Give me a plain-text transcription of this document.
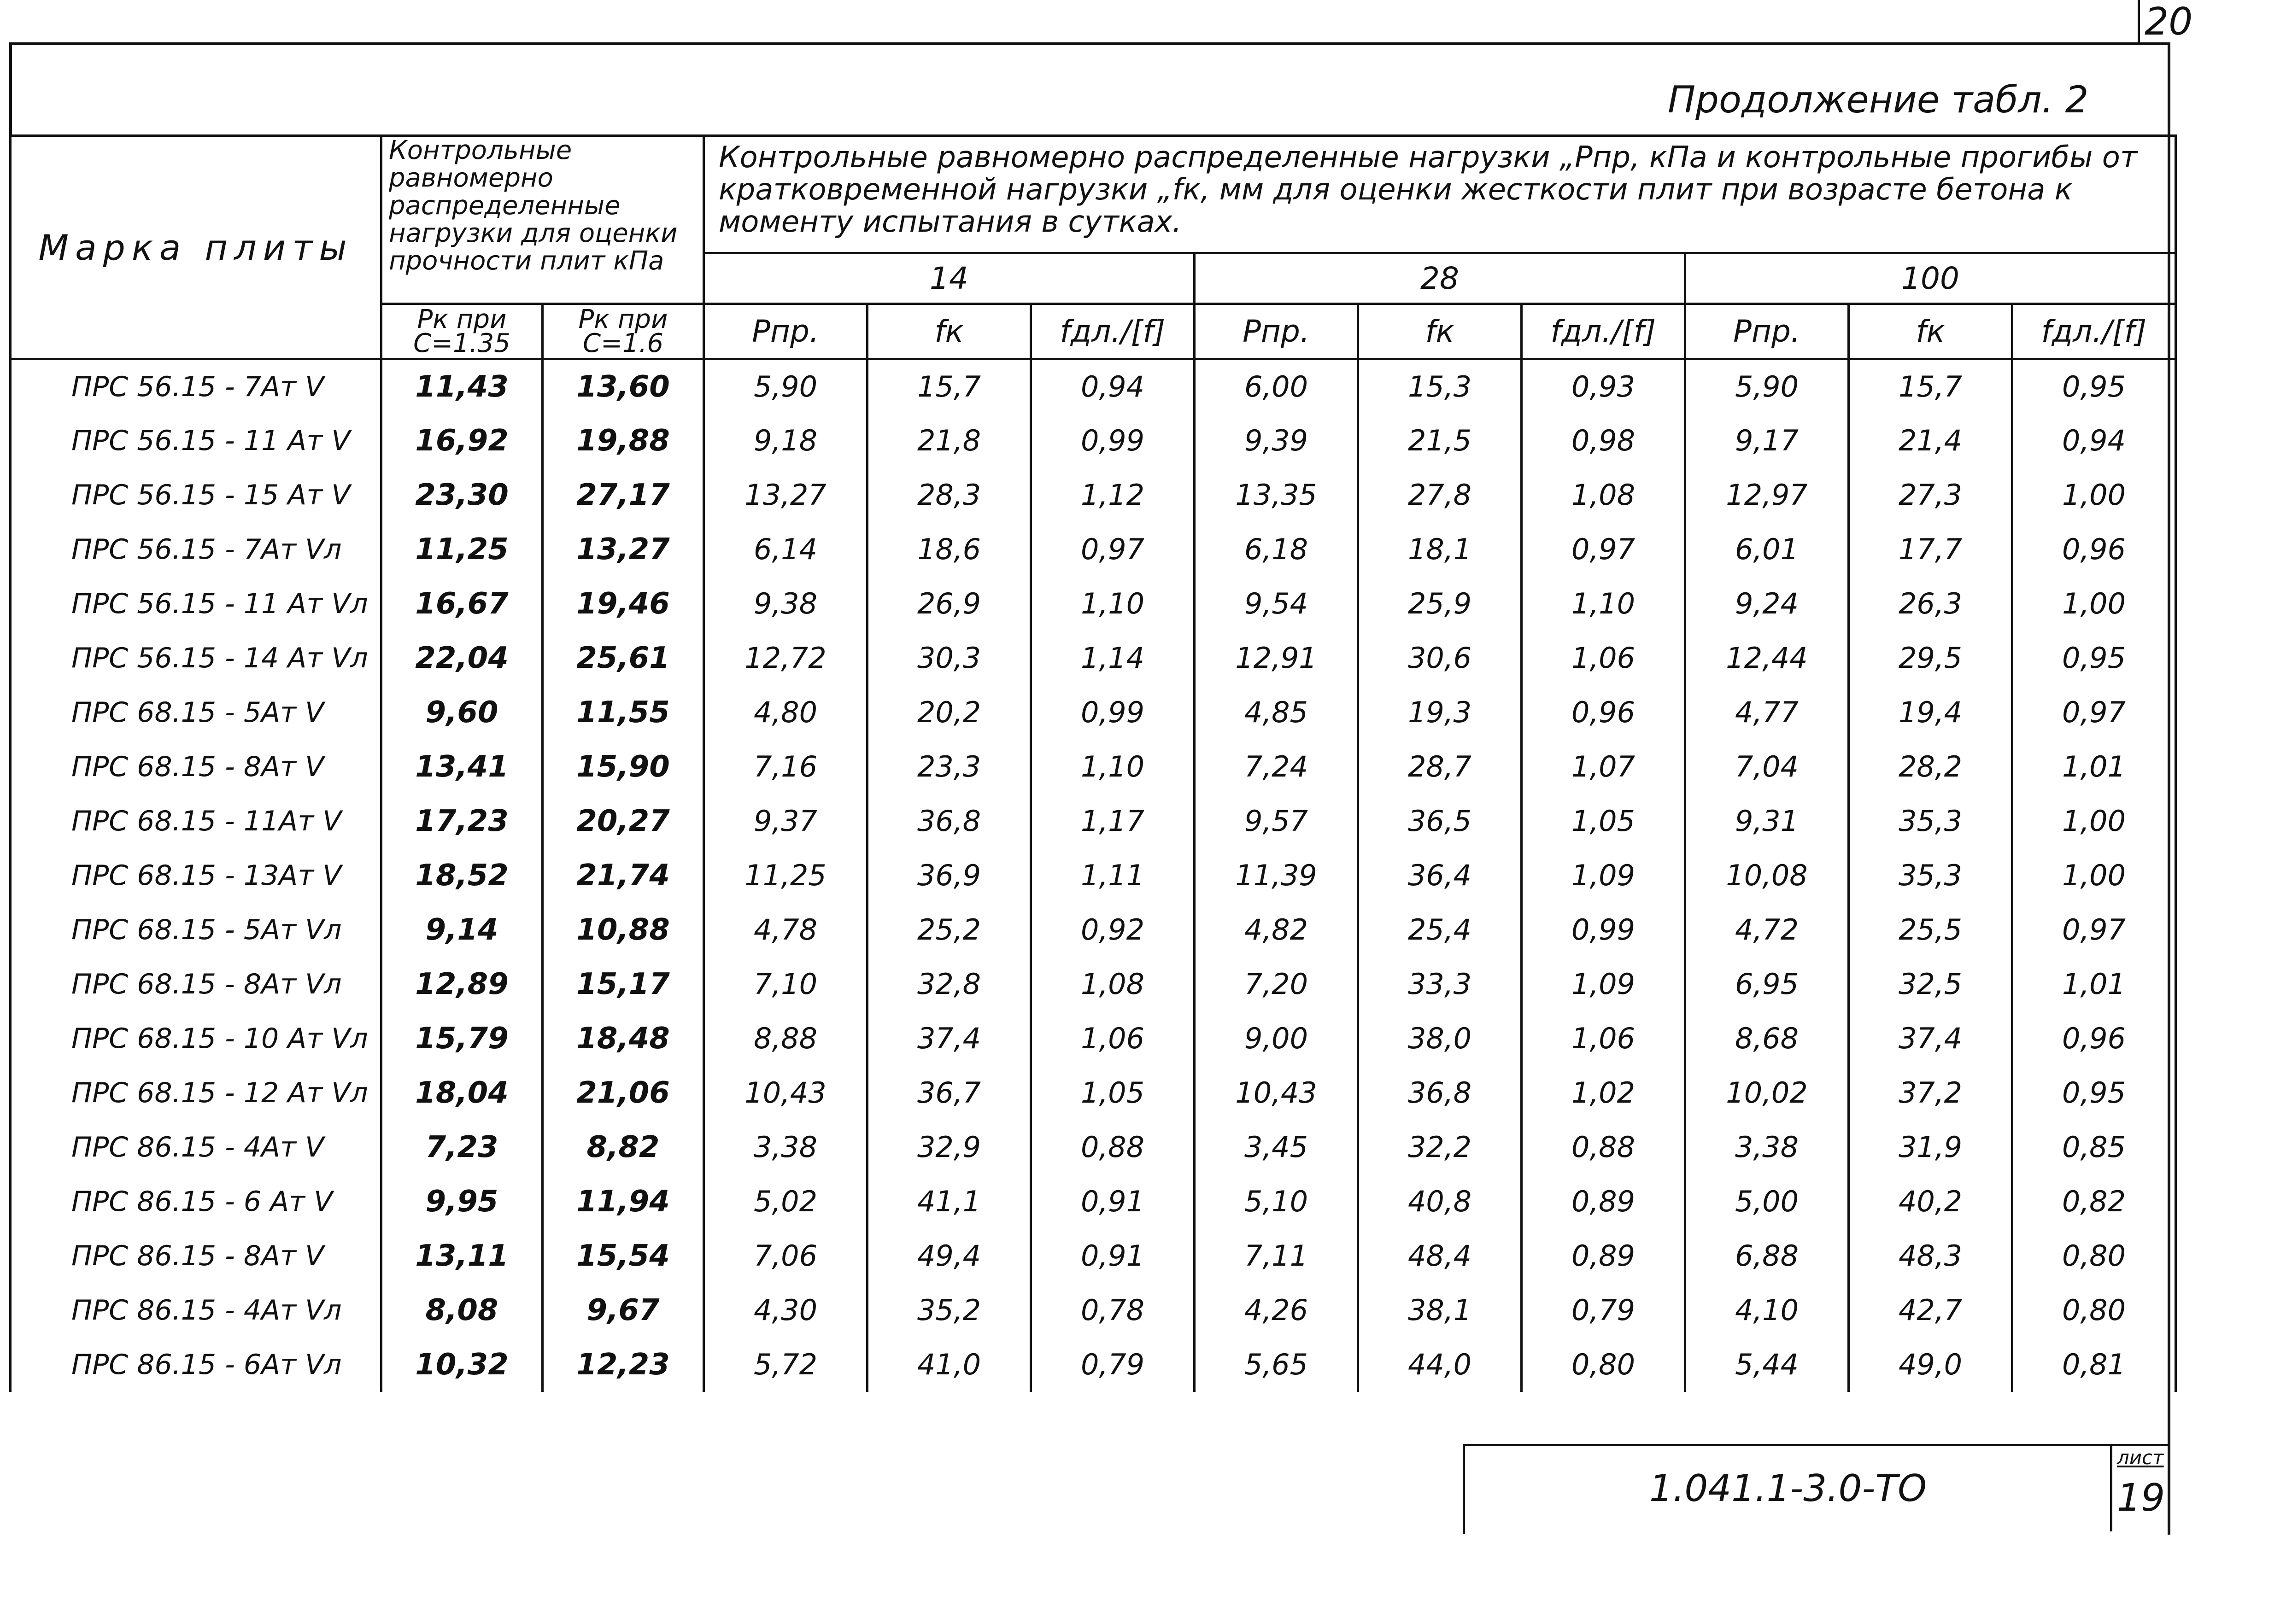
20
Продолжение табл. 2
Марка плиты	Контрольные равномерно распределенные нагрузки для оценки прочности плит кПа		Контрольные равномерно распределенные нагрузки „Рпр, кПа и контрольные прогибы от кратковременной нагрузки „fк, мм для оценки жесткости плит при возрасте бетона к моменту испытания в сутках.								
			14			28			100		
	Рк при С=1.35	Рк при С=1.6	Рпр.	fк	fдл./[f]	Рпр.	fк	fдл./[f]	Рпр.	fк	fдл./[f]
ПРС 56.15 - 7Ат V	11,43	13,60	5,90	15,7	0,94	6,00	15,3	0,93	5,90	15,7	0,95
ПРС 56.15 - 11 Ат V	16,92	19,88	9,18	21,8	0,99	9,39	21,5	0,98	9,17	21,4	0,94
ПРС 56.15 - 15 Ат V	23,30	27,17	13,27	28,3	1,12	13,35	27,8	1,08	12,97	27,3	1,00
ПРС 56.15 - 7Ат Vл	11,25	13,27	6,14	18,6	0,97	6,18	18,1	0,97	6,01	17,7	0,96
ПРС 56.15 - 11 Ат Vл	16,67	19,46	9,38	26,9	1,10	9,54	25,9	1,10	9,24	26,3	1,00
ПРС 56.15 - 14 Ат Vл	22,04	25,61	12,72	30,3	1,14	12,91	30,6	1,06	12,44	29,5	0,95
ПРС 68.15 - 5Ат V	9,60	11,55	4,80	20,2	0,99	4,85	19,3	0,96	4,77	19,4	0,97
ПРС 68.15 - 8Ат V	13,41	15,90	7,16	23,3	1,10	7,24	28,7	1,07	7,04	28,2	1,01
ПРС 68.15 - 11Ат V	17,23	20,27	9,37	36,8	1,17	9,57	36,5	1,05	9,31	35,3	1,00
ПРС 68.15 - 13Ат V	18,52	21,74	11,25	36,9	1,11	11,39	36,4	1,09	10,08	35,3	1,00
ПРС 68.15 - 5Ат Vл	9,14	10,88	4,78	25,2	0,92	4,82	25,4	0,99	4,72	25,5	0,97
ПРС 68.15 - 8Ат Vл	12,89	15,17	7,10	32,8	1,08	7,20	33,3	1,09	6,95	32,5	1,01
ПРС 68.15 - 10 Ат Vл	15,79	18,48	8,88	37,4	1,06	9,00	38,0	1,06	8,68	37,4	0,96
ПРС 68.15 - 12 Ат Vл	18,04	21,06	10,43	36,7	1,05	10,43	36,8	1,02	10,02	37,2	0,95
ПРС 86.15 - 4Ат V	7,23	8,82	3,38	32,9	0,88	3,45	32,2	0,88	3,38	31,9	0,85
ПРС 86.15 - 6 Ат V	9,95	11,94	5,02	41,1	0,91	5,10	40,8	0,89	5,00	40,2	0,82
ПРС 86.15 - 8Ат V	13,11	15,54	7,06	49,4	0,91	7,11	48,4	0,89	6,88	48,3	0,80
ПРС 86.15 - 4Ат Vл	8,08	9,67	4,30	35,2	0,78	4,26	38,1	0,79	4,10	42,7	0,80
ПРС 86.15 - 6Ат Vл	10,32	12,23	5,72	41,0	0,79	5,65	44,0	0,80	5,44	49,0	0,81
1.041.1-3.0-ТО
лист
19
